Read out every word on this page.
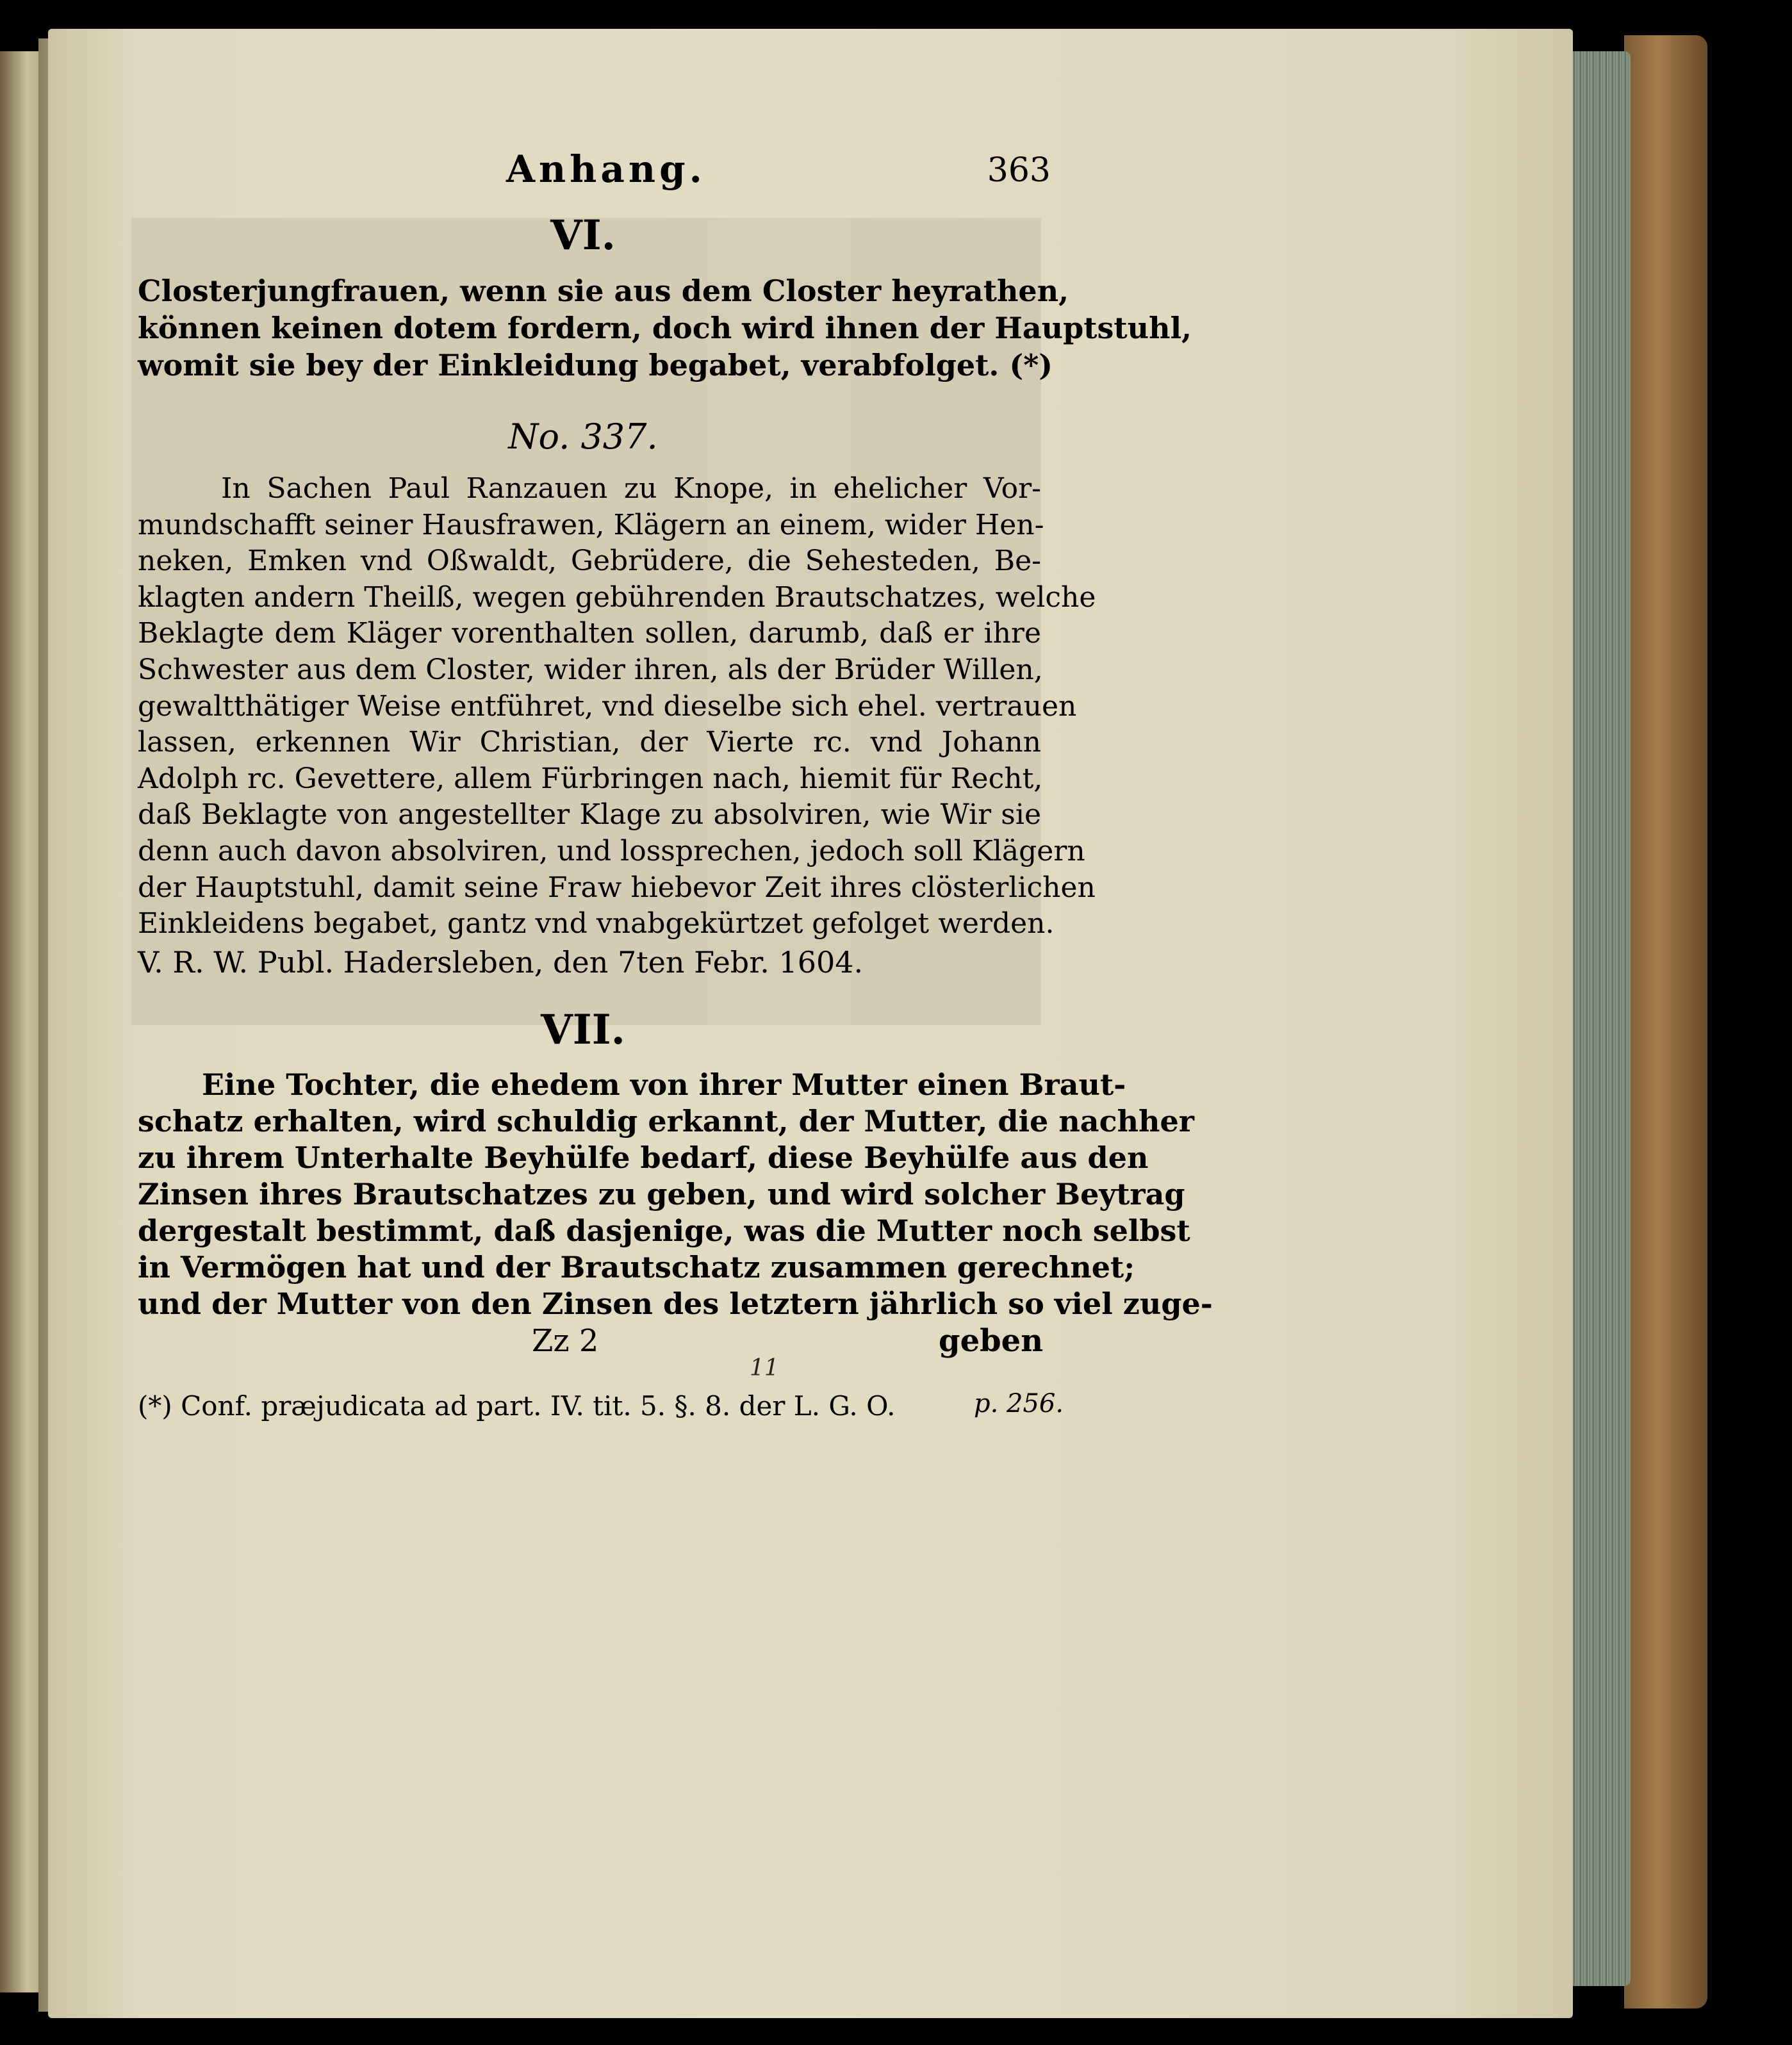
Anhang.	363
VI.
Closterjungfrauen, wenn sie aus dem Closter heyrathen,
können keinen dotem fordern, doch wird ihnen der Hauptstuhl,
womit sie bey der Einkleidung begabet, verabfolget. (*)
No. 337.
In Sachen Paul Ranzauen zu Knope, in ehelicher Vor-
mundschafft seiner Hausfrawen, Klägern an einem, wider Hen-
neken, Emken vnd Oßwaldt, Gebrüdere, die Sehesteden, Be-
klagten andern Theilß, wegen gebührenden Brautschatzes, welche
Beklagte dem Kläger vorenthalten sollen, darumb, daß er ihre
Schwester aus dem Closter, wider ihren, als der Brüder Willen,
gewaltthätiger Weise entführet, vnd dieselbe sich ehel. vertrauen
lassen, erkennen Wir Christian, der Vierte rc. vnd Johann
Adolph rc. Gevettere, allem Fürbringen nach, hiemit für Recht,
daß Beklagte von angestellter Klage zu absolviren, wie Wir sie
denn auch davon absolviren, und lossprechen, jedoch soll Klägern
der Hauptstuhl, damit seine Fraw hiebevor Zeit ihres clösterlichen
Einkleidens begabet, gantz vnd vnabgekürtzet gefolget werden.
V. R. W. Publ. Hadersleben, den 7ten Febr. 1604.
VII.
Eine Tochter, die ehedem von ihrer Mutter einen Braut-
schatz erhalten, wird schuldig erkannt, der Mutter, die nachher
zu ihrem Unterhalte Beyhülfe bedarf, diese Beyhülfe aus den
Zinsen ihres Brautschatzes zu geben, und wird solcher Beytrag
dergestalt bestimmt, daß dasjenige, was die Mutter noch selbst
in Vermögen hat und der Brautschatz zusammen gerechnet;
und der Mutter von den Zinsen des letztern jährlich so viel zuge-
Zz 2	geben
11
(*) Conf. præjudicata ad part. IV. tit. 5. §. 8. der L. G. O.	p. 256.
